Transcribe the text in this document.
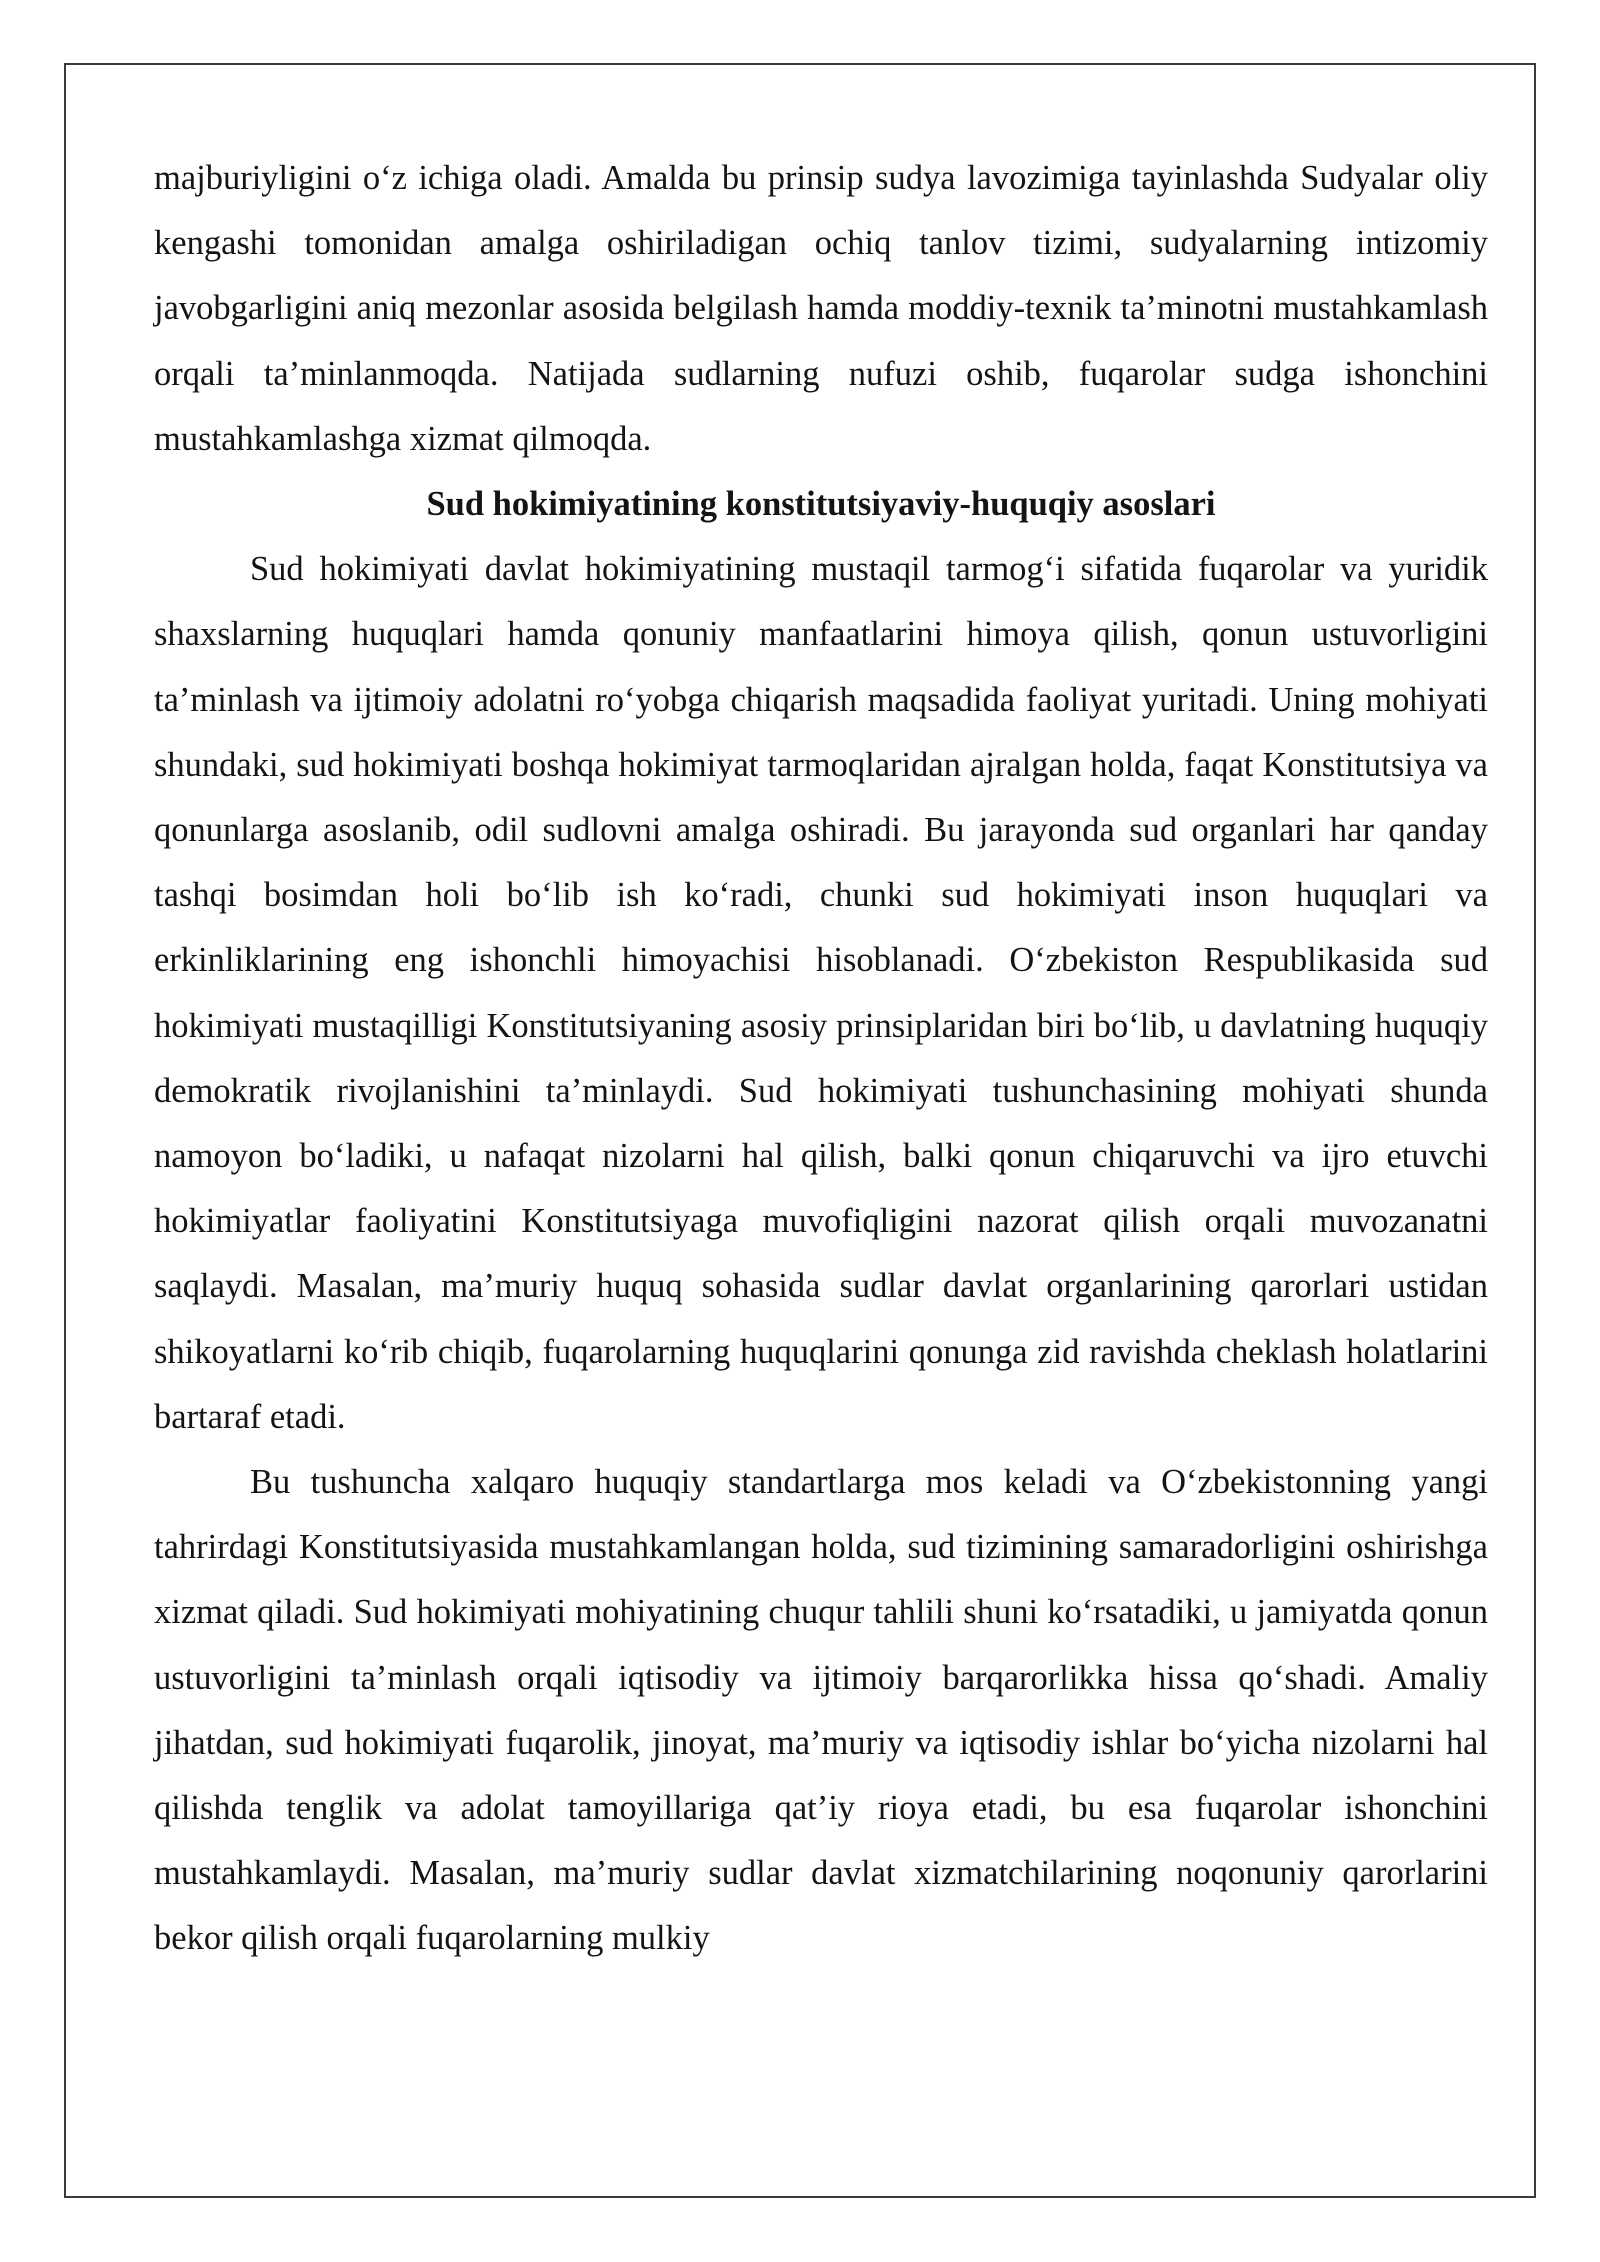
majburiyligini o‘z ichiga oladi. Amalda bu prinsip sudya lavozimiga tayinlashda Sudyalar oliy kengashi tomonidan amalga oshiriladigan ochiq tanlov tizimi, sudyalarning intizomiy javobgarligini aniq mezonlar asosida belgilash hamda moddiy-texnik ta’minotni mustahkamlash orqali ta’minlanmoqda. Natijada sudlarning nufuzi oshib, fuqarolar sudga ishonchini mustahkamlashga xizmat qilmoqda.

Sud hokimiyatining konstitutsiyaviy-huquqiy asoslari

Sud hokimiyati davlat hokimiyatining mustaqil tarmog‘i sifatida fuqarolar va yuridik shaxslarning huquqlari hamda qonuniy manfaatlarini himoya qilish, qonun ustuvorligini ta’minlash va ijtimoiy adolatni ro‘yobga chiqarish maqsadida faoliyat yuritadi. Uning mohiyati shundaki, sud hokimiyati boshqa hokimiyat tarmoqlaridan ajralgan holda, faqat Konstitutsiya va qonunlarga asoslanib, odil sudlovni amalga oshiradi. Bu jarayonda sud organlari har qanday tashqi bosimdan holi bo‘lib ish ko‘radi, chunki sud hokimiyati inson huquqlari va erkinliklarining eng ishonchli himoyachisi hisoblanadi. O‘zbekiston Respublikasida sud hokimiyati mustaqilligi Konstitutsiyaning asosiy prinsiplaridan biri bo‘lib, u davlatning huquqiy demokratik rivojlanishini ta’minlaydi. Sud hokimiyati tushunchasining mohiyati shunda namoyon bo‘ladiki, u nafaqat nizolarni hal qilish, balki qonun chiqaruvchi va ijro etuvchi hokimiyatlar faoliyatini Konstitutsiyaga muvofiqligini nazorat qilish orqali muvozanatni saqlaydi. Masalan, ma’muriy huquq sohasida sudlar davlat organlarining qarorlari ustidan shikoyatlarni ko‘rib chiqib, fuqarolarning huquqlarini qonunga zid ravishda cheklash holatlarini bartaraf etadi.

Bu tushuncha xalqaro huquqiy standartlarga mos keladi va O‘zbekistonning yangi tahrirdagi Konstitutsiyasida mustahkamlangan holda, sud tizimining samaradorligini oshirishga xizmat qiladi. Sud hokimiyati mohiyatining chuqur tahlili shuni ko‘rsatadiki, u jamiyatda qonun ustuvorligini ta’minlash orqali iqtisodiy va ijtimoiy barqarorlikka hissa qo‘shadi. Amaliy jihatdan, sud hokimiyati fuqarolik, jinoyat, ma’muriy va iqtisodiy ishlar bo‘yicha nizolarni hal qilishda tenglik va adolat tamoyillariga qat’iy rioya etadi, bu esa fuqarolar ishonchini mustahkamlaydi. Masalan, ma’muriy sudlar davlat xizmatchilarining noqonuniy qarorlarini bekor qilish orqali fuqarolarning mulkiy
